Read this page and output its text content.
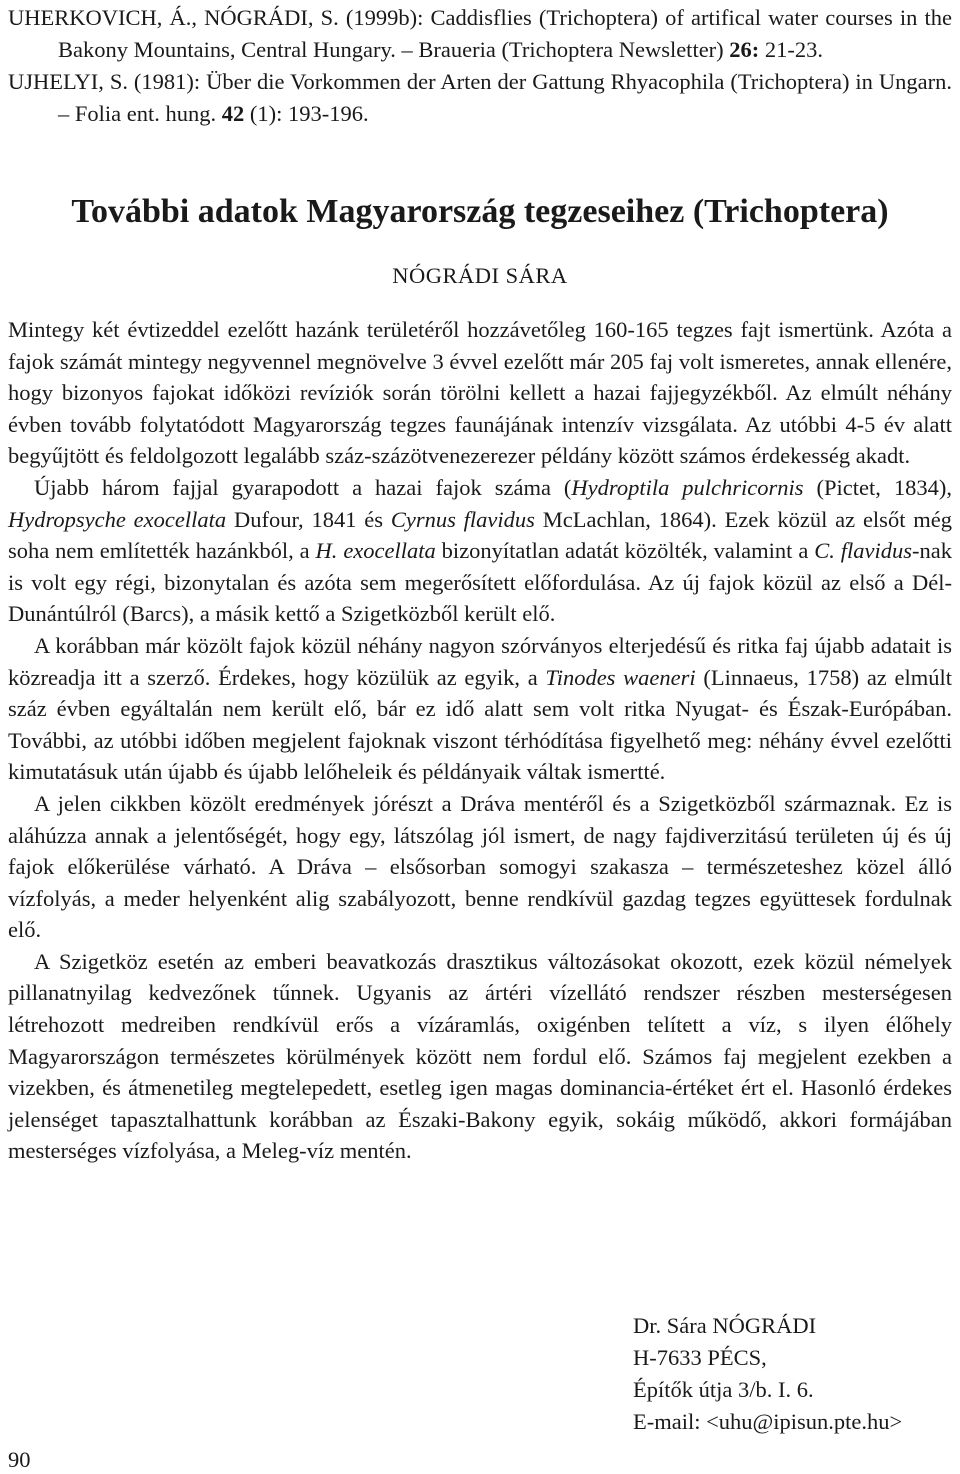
UHERKOVICH, Á., NÓGRÁDI, S. (1999b): Caddisflies (Trichoptera) of artifical water courses in the Bakony Mountains, Central Hungary. – Braueria (Trichoptera Newsletter) 26: 21-23.

UJHELYI, S. (1981): Über die Vorkommen der Arten der Gattung Rhyacophila (Trichoptera) in Ungarn. – Folia ent. hung. 42 (1): 193-196.

További adatok Magyarország tegzeseihez (Trichoptera)
NÓGRÁDI SÁRA

Mintegy két évtizeddel ezelőtt hazánk területéről hozzávetőleg 160-165 tegzes fajt ismertünk. Azóta a fajok számát mintegy negyvennel megnövelve 3 évvel ezelőtt már 205 faj volt ismeretes, annak ellenére, hogy bizonyos fajokat időközi revíziók során törölni kellett a hazai fajjegyzékből. Az elmúlt néhány évben tovább folytatódott Magyarország tegzes faunájának intenzív vizsgálata. Az utóbbi 4-5 év alatt begyűjtött és feldolgozott legalább száz-százötvenezerezer példány között számos érdekesség akadt.

Újabb három fajjal gyarapodott a hazai fajok száma (Hydroptila pulchricornis (Pictet, 1834), Hydropsyche exocellata Dufour, 1841 és Cyrnus flavidus McLachlan, 1864). Ezek közül az elsőt még soha nem említették hazánkból, a H. exocellata bizonyítatlan adatát közölték, valamint a C. flavidus-nak is volt egy régi, bizonytalan és azóta sem megerősített előfordulása. Az új fajok közül az első a Dél-Dunántúlról (Barcs), a másik kettő a Szigetközből került elő.

A korábban már közölt fajok közül néhány nagyon szórványos elterjedésű és ritka faj újabb adatait is közreadja itt a szerző. Érdekes, hogy közülük az egyik, a Tinodes waeneri (Linnaeus, 1758) az elmúlt száz évben egyáltalán nem került elő, bár ez idő alatt sem volt ritka Nyugat- és Észak-Európában. További, az utóbbi időben megjelent fajoknak viszont térhódítása figyelhető meg: néhány évvel ezelőtti kimutatásuk után újabb és újabb lelőheleik és példányaik váltak ismertté.

A jelen cikkben közölt eredmények jórészt a Dráva mentéről és a Szigetközből származnak. Ez is aláhúzza annak a jelentőségét, hogy egy, látszólag jól ismert, de nagy fajdiverzitású területen új és új fajok előkerülése várható. A Dráva – elsősorban somogyi szakasza – természeteshez közel álló vízfolyás, a meder helyenként alig szabályozott, benne rendkívül gazdag tegzes együttesek fordulnak elő.

A Szigetköz esetén az emberi beavatkozás drasztikus változásokat okozott, ezek közül némelyek pillanatnyilag kedvezőnek tűnnek. Ugyanis az ártéri vízellátó rendszer részben mesterségesen létrehozott medreiben rendkívül erős a vízáramlás, oxigénben telített a víz, s ilyen élőhely Magyarországon természetes körülmények között nem fordul elő. Számos faj megjelent ezekben a vizekben, és átmenetileg megtelepedett, esetleg igen magas dominancia-értéket ért el. Hasonló érdekes jelenséget tapasztalhattunk korábban az Északi-Bakony egyik, sokáig működő, akkori formájában mesterséges vízfolyása, a Meleg-víz mentén.

Dr. Sára NÓGRÁDI
H-7633 PÉCS,
Építők útja 3/b. I. 6.
E-mail: <uhu@ipisun.pte.hu>
90
